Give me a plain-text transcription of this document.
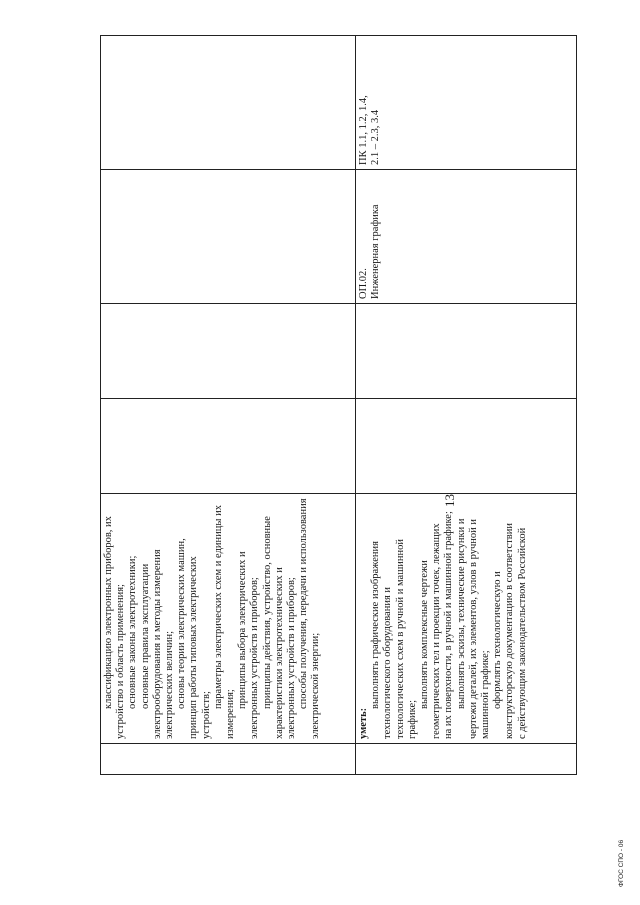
ФГОС СПО - 06
13
классификацию электронных приборов, их устройство и область применения; основные законы электротехники; основные правила эксплуатации электрооборудования и методы измерения электрических величин; основы теории электрических машин, принцип работы типовых электрических устройств;
параметры электрических схем и единицы их
измерения;
принципы выбора электрических и электронных устройств и приборов; принципы действия, устройство, основные характеристики электротехнических и электронных устройств и приборов; способы получения, передачи и использования электрической энергии;	уметь:
выполнять графические изображения технологического оборудования и технологических схем в ручной и машинной графике;
выполнять комплексные чертежи геометрических тел и проекции точек, лежащих на их поверхности, в ручной и машинной графике; выполнять эскизы, технические рисунки и чертежи деталей, их элементов, узлов в ручной и машинной графике; оформлять технологическую и конструкторскую документацию в соответствии с действующим законодательством Российской
ОП.02. Инженерная графика
ПК 1.1, 1.2, 1.4, 2.1 – 2.3, 3.4
